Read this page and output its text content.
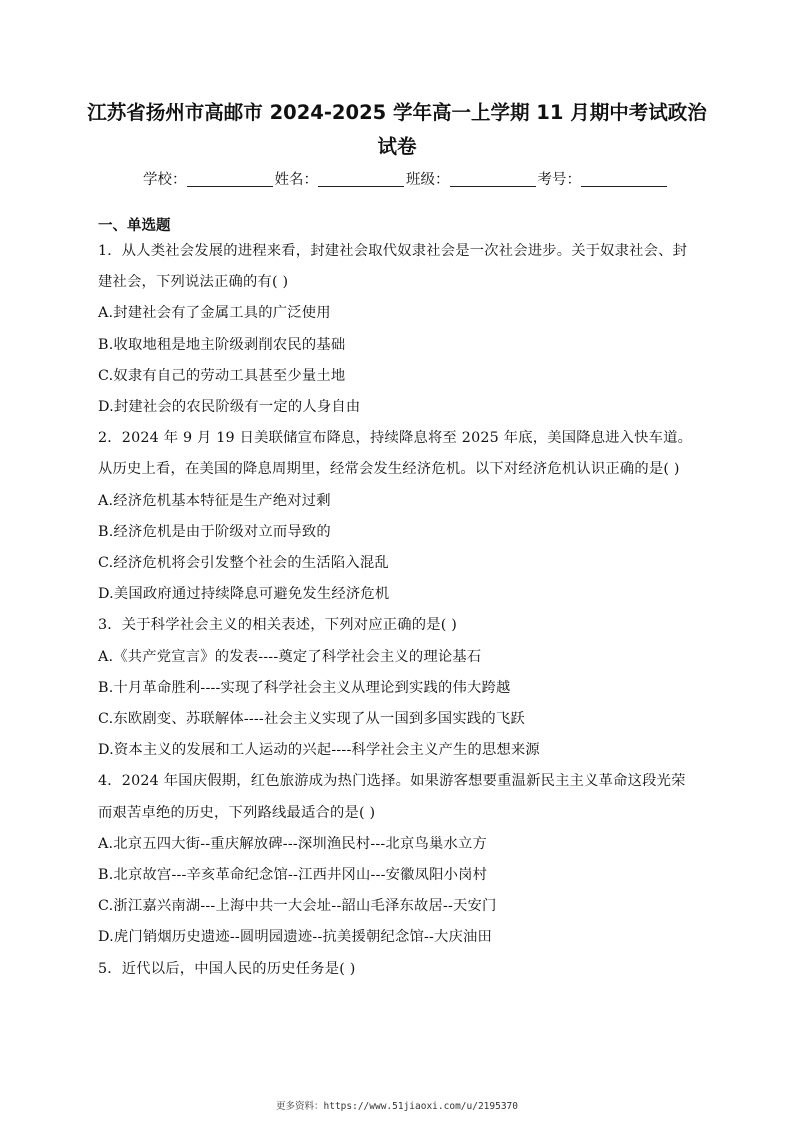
江苏省扬州市高邮市 2024-2025 学年高一上学期 11 月期中考试政治
试卷
学校：	姓名：	班级：	考号：
一、单选题

1．从人类社会发展的进程来看，封建社会取代奴隶社会是一次社会进步。关于奴隶社会、封建社会，下列说法正确的有( )

A.封建社会有了金属工具的广泛使用

B.收取地租是地主阶级剥削农民的基础

C.奴隶有自己的劳动工具甚至少量土地

D.封建社会的农民阶级有一定的人身自由

2．2024 年 9 月 19 日美联储宣布降息，持续降息将至 2025 年底，美国降息进入快车道。从历史上看，在美国的降息周期里，经常会发生经济危机。以下对经济危机认识正确的是( )

A.经济危机基本特征是生产绝对过剩

B.经济危机是由于阶级对立而导致的

C.经济危机将会引发整个社会的生活陷入混乱

D.美国政府通过持续降息可避免发生经济危机

3．关于科学社会主义的相关表述，下列对应正确的是( )

A.《共产党宣言》的发表----奠定了科学社会主义的理论基石

B.十月革命胜利----实现了科学社会主义从理论到实践的伟大跨越

C.东欧剧变、苏联解体----社会主义实现了从一国到多国实践的飞跃

D.资本主义的发展和工人运动的兴起----科学社会主义产生的思想来源

4．2024 年国庆假期，红色旅游成为热门选择。如果游客想要重温新民主主义革命这段光荣而艰苦卓绝的历史，下列路线最适合的是( )

A.北京五四大街--重庆解放碑---深圳渔民村---北京鸟巢水立方

B.北京故宫---辛亥革命纪念馆--江西井冈山---安徽凤阳小岗村

C.浙江嘉兴南湖---上海中共一大会址--韶山毛泽东故居--天安门

D.虎门销烟历史遗迹--圆明园遗迹--抗美援朝纪念馆--大庆油田

5．近代以后，中国人民的历史任务是( )

更多资料：https://www.51jiaoxi.com/u/2195370
